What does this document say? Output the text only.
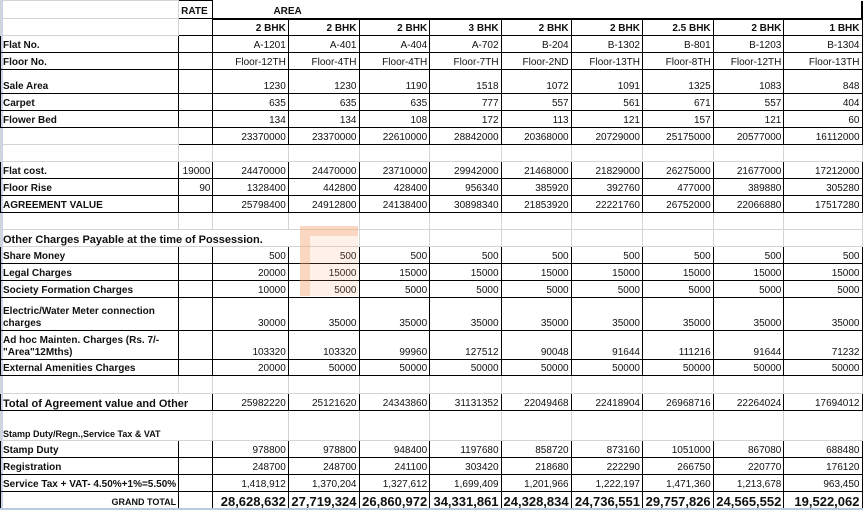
	RATE	AREA								
		2 BHK	2 BHK	2 BHK	3 BHK	2 BHK	2 BHK	2.5 BHK	2 BHK	1 BHK
Flat No.		A-1201	A-401	A-404	A-702	B-204	B-1302	B-801	B-1203	B-1304
Floor No.		Floor-12TH	Floor-4TH	Floor-4TH	Floor-7TH	Floor-2ND	Floor-13TH	Floor-8TH	Floor-12TH	Floor-13TH
Sale Area		1230	1230	1190	1518	1072	1091	1325	1083	848
Carpet		635	635	635	777	557	561	671	557	404
Flower Bed		134	134	108	172	113	121	157	121	60
		23370000	23370000	22610000	28842000	20368000	20729000	25175000	20577000	16112000

Flat cost.	19000	24470000	24470000	23710000	29942000	21468000	21829000	26275000	21677000	17212000
Floor Rise	90	1328400	442800	428400	956340	385920	392760	477000	389880	305280
AGREEMENT VALUE		25798400	24912800	24138400	30898340	21853920	22221760	26752000	22066880	17517280

Other Charges Payable at the time of Possession.										
Share Money		500	500	500	500	500	500	500	500	500
Legal Charges		20000	15000	15000	15000	15000	15000	15000	15000	15000
Society Formation Charges		10000	5000	5000	5000	5000	5000	5000	5000	5000
Electric/Water Meter connection charges		30000	35000	35000	35000	35000	35000	35000	35000	35000
Ad hoc Mainten. Charges (Rs. 7/-"Area"12Mths)		103320	103320	99960	127512	90048	91644	111216	91644	71232
External Amenities Charges		20000	50000	50000	50000	50000	50000	50000	50000	50000

Total of Agreement value and Other		25982220	25121620	24343860	31131352	22049468	22418904	26968716	22264024	17694012
Stamp Duty/Regn.,Service Tax & VAT										
Stamp Duty		978800	978800	948400	1197680	858720	873160	1051000	867080	688480
Registration		248700	248700	241100	303420	218680	222290	266750	220770	176120
Service Tax + VAT- 4.50%+1%=5.50%		1,418,912	1,370,204	1,327,612	1,699,409	1,201,966	1,222,197	1,471,360	1,213,678	963,450
GRAND TOTAL		28,628,632	27,719,324	26,860,972	34,331,861	24,328,834	24,736,551	29,757,826	24,565,552	19,522,062
